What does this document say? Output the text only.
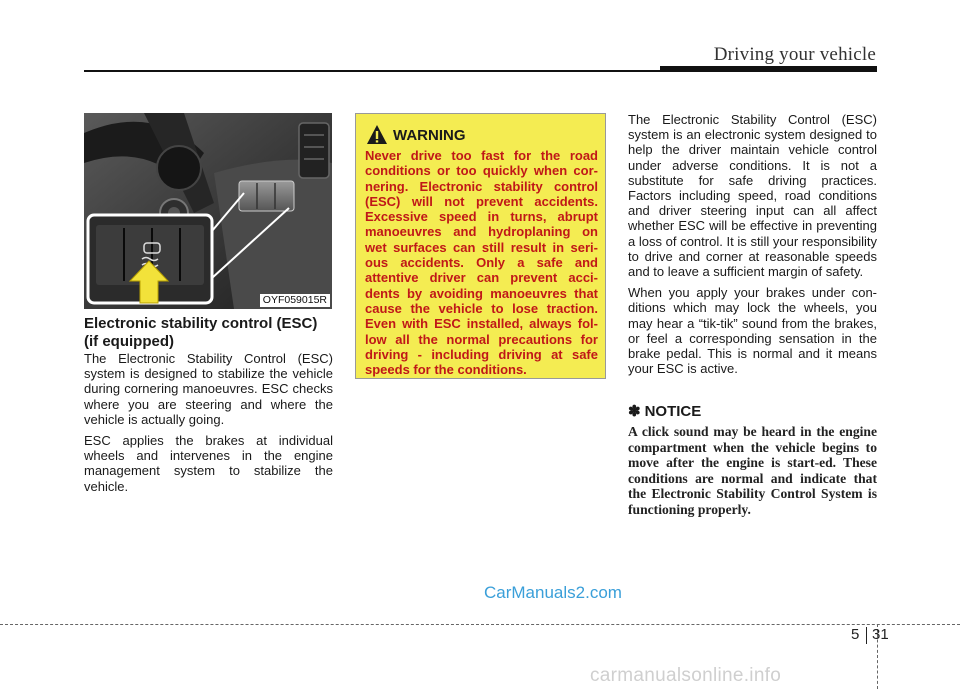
Driving your vehicle
OYF059015R
Electronic stability control (ESC)
(if equipped)

The Electronic Stability Control (ESC) system is designed to stabilize the vehicle during cornering manoeuvres. ESC checks where you are steering and where the vehicle is actually going.

ESC applies the brakes at individual wheels and intervenes in the engine management system to stabilize the vehicle.

WARNING

Never drive too fast for the road conditions or too quickly when cor-nering. Electronic stability control (ESC) will not prevent accidents. Excessive speed in turns, abrupt manoeuvres and hydroplaning on wet surfaces can still result in seri-ous accidents. Only a safe and attentive driver can prevent acci-dents by avoiding manoeuvres that cause the vehicle to lose traction. Even with ESC installed, always fol-low all the normal precautions for driving - including driving at safe speeds for the conditions.

The Electronic Stability Control (ESC) system is an electronic system designed to help the driver maintain vehicle control under adverse conditions. It is not a substitute for safe driving practices. Factors including speed, road conditions and driver steering input can all affect whether ESC will be effective in preventing a loss of control. It is still your responsibility to drive and corner at reasonable speeds and to leave a sufficient margin of safety.

When you apply your brakes under con-ditions which may lock the wheels, you may hear a “tik-tik” sound from the brakes, or feel a corresponding sensation in the brake pedal. This is normal and it means your ESC is active.

✽ NOTICE

A click sound may be heard in the engine compartment when the vehicle begins to move after the engine is start-ed. These conditions are normal and indicate that the Electronic Stability Control System is functioning properly.

CarManuals2.com
carmanualsonline.info
5 31
